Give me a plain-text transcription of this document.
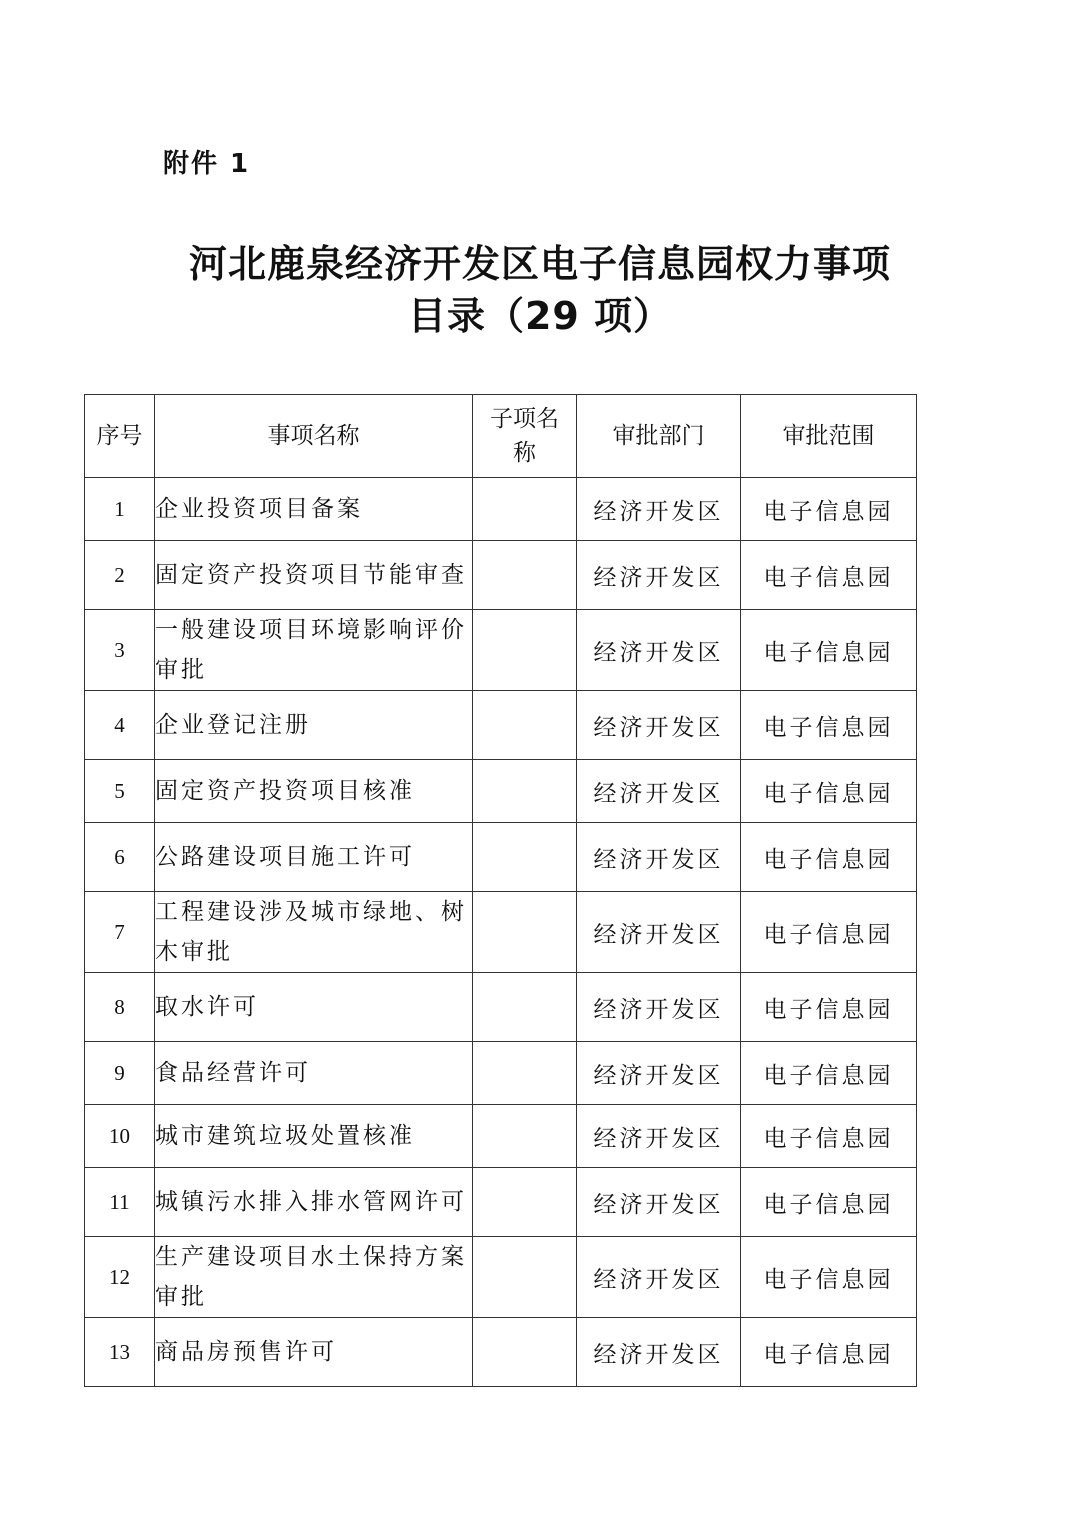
附件 1
河北鹿泉经济开发区电子信息园权力事项
目录（29 项）
序号	事项名称	子项名称	审批部门	审批范围
1	企业投资项目备案		经济开发区	电子信息园
2	固定资产投资项目节能审查		经济开发区	电子信息园
3	一般建设项目环境影响评价审批		经济开发区	电子信息园
4	企业登记注册		经济开发区	电子信息园
5	固定资产投资项目核准		经济开发区	电子信息园
6	公路建设项目施工许可		经济开发区	电子信息园
7	工程建设涉及城市绿地、树木审批		经济开发区	电子信息园
8	取水许可		经济开发区	电子信息园
9	食品经营许可		经济开发区	电子信息园
10	城市建筑垃圾处置核准		经济开发区	电子信息园
11	城镇污水排入排水管网许可		经济开发区	电子信息园
12	生产建设项目水土保持方案审批		经济开发区	电子信息园
13	商品房预售许可		经济开发区	电子信息园
